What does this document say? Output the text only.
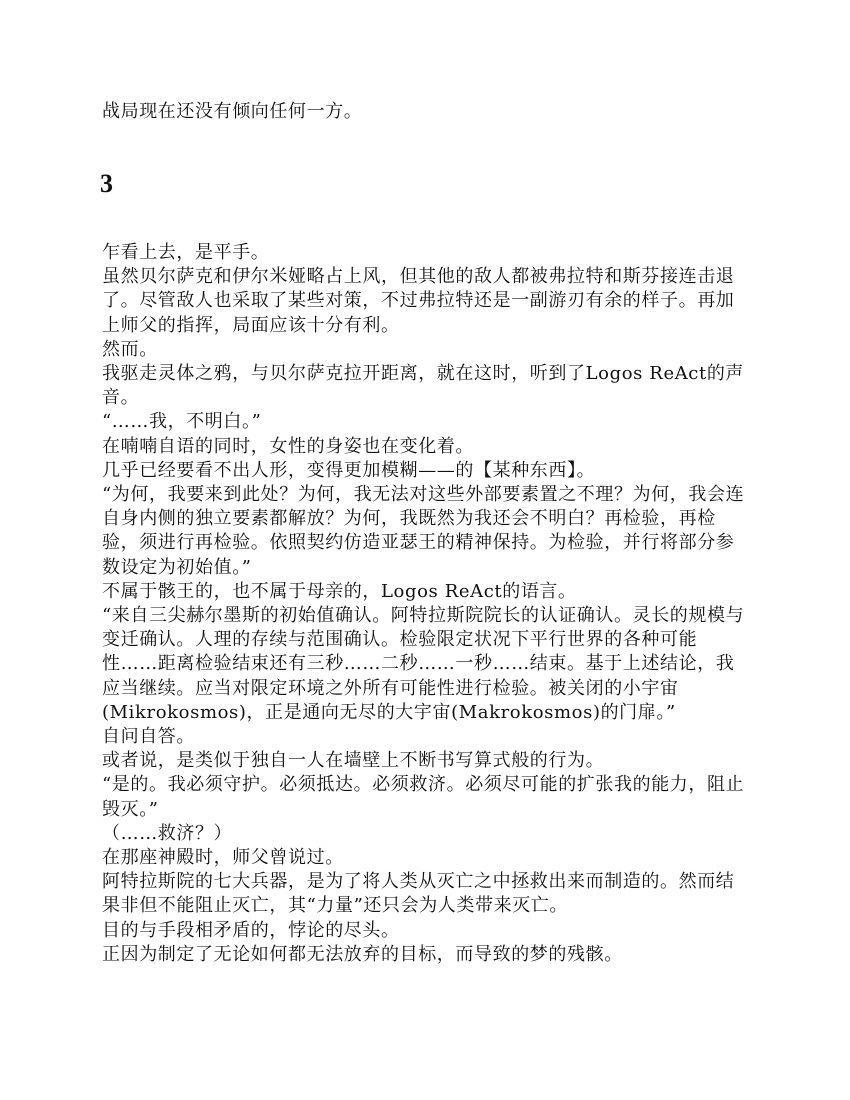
战局现在还没有倾向任何一方。
3

乍看上去，是平手。

虽然贝尔萨克和伊尔米娅略占上风，但其他的敌人都被弗拉特和斯芬接连击退了。尽管敌人也采取了某些对策，不过弗拉特还是一副游刃有余的样子。再加上师父的指挥，局面应该十分有利。

然而。

我驱走灵体之鸦，与贝尔萨克拉开距离，就在这时，听到了Logos ReAct的声音。

“……我，不明白。”

在喃喃自语的同时，女性的身姿也在变化着。

几乎已经要看不出人形，变得更加模糊——的【某种东西】。

“为何，我要来到此处？为何，我无法对这些外部要素置之不理？为何，我会连自身内侧的独立要素都解放？为何，我既然为我还会不明白？再检验，再检验，须进行再检验。依照契约仿造亚瑟王的精神保持。为检验，并行将部分参数设定为初始值。”

不属于骸王的，也不属于母亲的，Logos ReAct的语言。

“来自三尖赫尔墨斯的初始值确认。阿特拉斯院院长的认证确认。灵长的规模与变迁确认。人理的存续与范围确认。检验限定状况下平行世界的各种可能性……距离检验结束还有三秒……二秒……一秒……结束。基于上述结论，我应当继续。应当对限定环境之外所有可能性进行检验。被关闭的小宇宙(Mikrokosmos)，正是通向无尽的大宇宙(Makrokosmos)的门扉。”

自问自答。

或者说，是类似于独自一人在墙壁上不断书写算式般的行为。

“是的。我必须守护。必须抵达。必须救济。必须尽可能的扩张我的能力，阻止毁灭。”

（……救济？）

在那座神殿时，师父曾说过。

阿特拉斯院的七大兵器，是为了将人类从灭亡之中拯救出来而制造的。然而结果非但不能阻止灭亡，其“力量”还只会为人类带来灭亡。

目的与手段相矛盾的，悖论的尽头。

正因为制定了无论如何都无法放弃的目标，而导致的梦的残骸。
